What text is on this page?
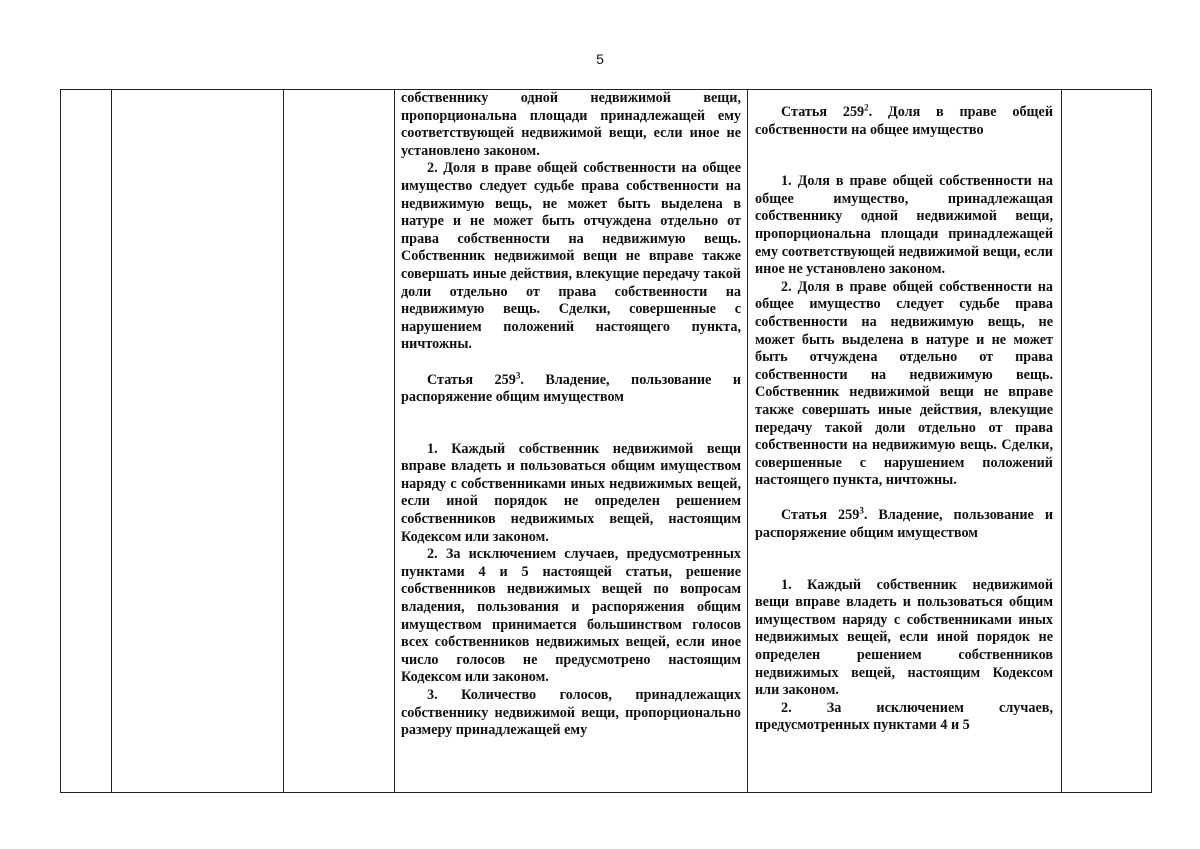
5

собственнику одной недвижимой вещи, пропорциональна площади принадлежащей ему соответствующей недвижимой вещи, если иное не установлено законом.

2. Доля в праве общей собственности на общее имущество следует судьбе права собственности на недвижимую вещь, не может быть выделена в натуре и не может быть отчуждена отдельно от права собственности на недвижимую вещь. Собственник недвижимой вещи не вправе также совершать иные действия, влекущие передачу такой доли отдельно от права собственности на недвижимую вещь. Сделки, совершенные с нарушением положений настоящего пункта, ничтожны.

Статья $259^3$. Владение, пользование и распоряжение общим имуществом

1. Каждый собственник недвижимой вещи вправе владеть и пользоваться общим имуществом наряду с собственниками иных недвижимых вещей, если иной порядок не определен решением собственников недвижимых вещей, настоящим Кодексом или законом.

2. За исключением случаев, предусмотренных пунктами 4 и 5 настоящей статьи, решение собственников недвижимых вещей по вопросам владения, пользования и распоряжения общим имуществом принимается большинством голосов всех собственников недвижимых вещей, если иное число голосов не предусмотрено настоящим Кодексом или законом.

3. Количество голосов, принадлежащих собственнику недвижимой вещи, пропорционально размеру принадлежащей ему

Статья $259^2$. Доля в праве общей собственности на общее имущество

1. Доля в праве общей собственности на общее имущество, принадлежащая собственнику одной недвижимой вещи, пропорциональна площади принадлежащей ему соответствующей недвижимой вещи, если иное не установлено законом.

2. Доля в праве общей собственности на общее имущество следует судьбе права собственности на недвижимую вещь, не может быть выделена в натуре и не может быть отчуждена отдельно от права собственности на недвижимую вещь. Собственник недвижимой вещи не вправе также совершать иные действия, влекущие передачу такой доли отдельно от права собственности на недвижимую вещь. Сделки, совершенные с нарушением положений настоящего пункта, ничтожны.

Статья $259^3$. Владение, пользование и распоряжение общим имуществом

1. Каждый собственник недвижимой вещи вправе владеть и пользоваться общим имуществом наряду с собственниками иных недвижимых вещей, если иной порядок не определен решением собственников недвижимых вещей, настоящим Кодексом или законом.

2. За исключением случаев, предусмотренных пунктами 4 и 5
